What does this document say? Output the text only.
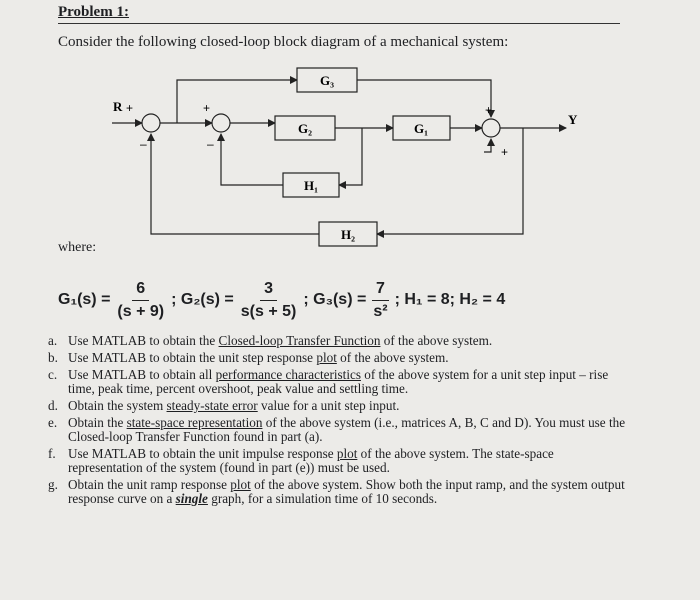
Problem 1:
Consider the following closed-loop block diagram of a mechanical system:
G₃
G₂	G₁
H₁
H₂
R
Y
+
–
+
–
+
+
where:
$G_1(s) = \frac{6}{(s + 9)}$ ; $G_2(s) = \frac{3}{s(s + 5)}$ ; $G_3(s) = \frac{7}{\text{s²}}$ ; H₁ = 8; H₂ = 4
a. Use MATLAB to obtain the Closed-loop Transfer Function of the above system.
b. Use MATLAB to obtain the unit step response plot of the above system.
c. Use MATLAB to obtain all performance characteristics of the above system for a unit step input – rise time, peak time, percent overshoot, peak value and settling time.
d. Obtain the system steady-state error value for a unit step input.
e. Obtain the state-space representation of the above system (i.e., matrices A, B, C and D). You must use the Closed-loop Transfer Function found in part (a).
f. Use MATLAB to obtain the unit impulse response plot of the above system. The state-space representation of the system (found in part (e)) must be used.
g. Obtain the unit ramp response plot of the above system. Show both the input ramp, and the system output response curve on a single graph, for a simulation time of 10 seconds.
